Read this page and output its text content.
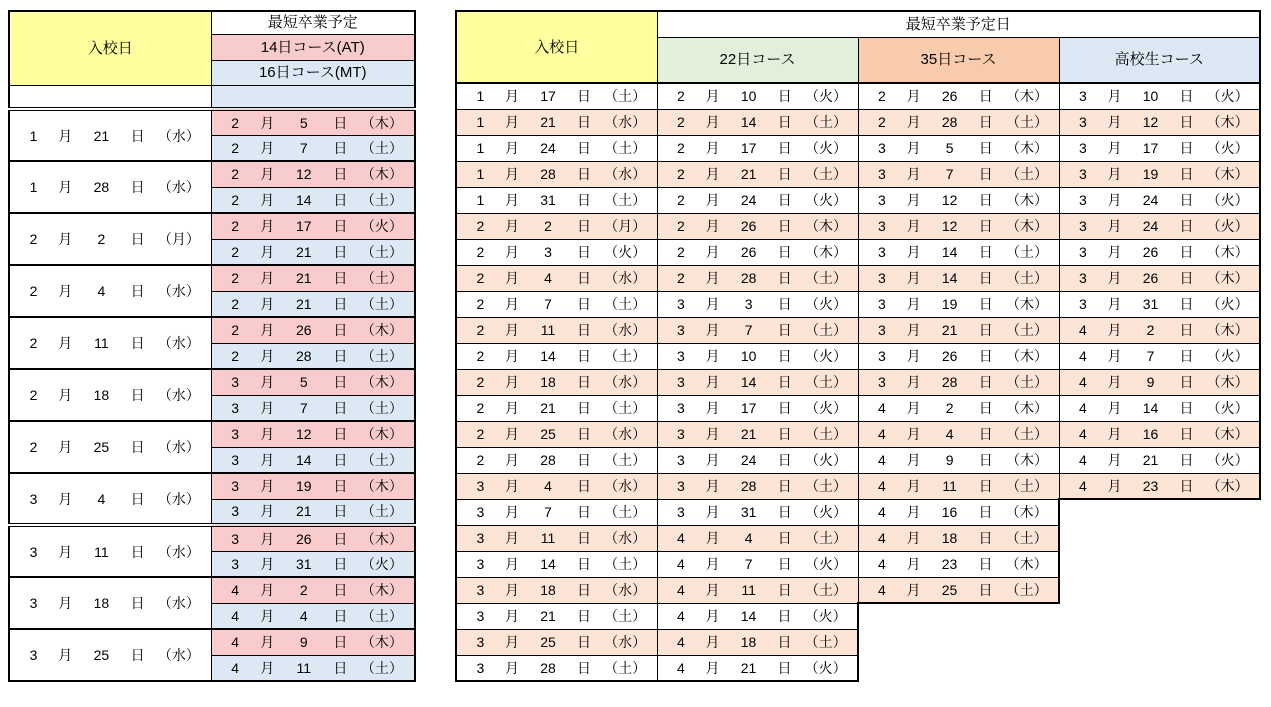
入校日	最短卒業予定
	14日コース(AT)
	16日コース(MT)

1 月 21 日 （水）	2 月 5 日 （木）

	2 月 7 日 （土）

1 月 28 日 （水）	2 月 12 日 （木）

	2 月 14 日 （土）

2 月 2 日 （月）	2 月 17 日 （火）

	2 月 21 日 （土）

2 月 4 日 （水）	2 月 21 日 （土）

	2 月 21 日 （土）

2 月 11 日 （水）	2 月 26 日 （木）

	2 月 28 日 （土）

2 月 18 日 （水）	3 月 5 日 （木）

	3 月 7 日 （土）

2 月 25 日 （水）	3 月 12 日 （木）

	3 月 14 日 （土）

3 月 4 日 （水）	3 月 19 日 （木）

	3 月 21 日 （土）

3 月 11 日 （水）	3 月 26 日 （木）

	3 月 31 日 （火）

3 月 18 日 （水）	4 月 2 日 （木）

	4 月 4 日 （土）

3 月 25 日 （水）	4 月 9 日 （木）

	4 月 11 日 （土）
入校日	最短卒業予定日		
	22日コース	35日コース	高校生コース

1 月 17 日 （土）	2 月 10 日 （火）	2 月 26 日 （木）	3 月 10 日 （火）

1 月 21 日 （水）	2 月 14 日 （土）	2 月 28 日 （土）	3 月 12 日 （木）

1 月 24 日 （土）	2 月 17 日 （火）	3 月 5 日 （木）	3 月 17 日 （火）

1 月 28 日 （水）	2 月 21 日 （土）	3 月 7 日 （土）	3 月 19 日 （木）

1 月 31 日 （土）	2 月 24 日 （火）	3 月 12 日 （木）	3 月 24 日 （火）

2 月 2 日 （月）	2 月 26 日 （木）	3 月 12 日 （木）	3 月 24 日 （火）

2 月 3 日 （火）	2 月 26 日 （木）	3 月 14 日 （土）	3 月 26 日 （木）

2 月 4 日 （水）	2 月 28 日 （土）	3 月 14 日 （土）	3 月 26 日 （木）

2 月 7 日 （土）	3 月 3 日 （火）	3 月 19 日 （木）	3 月 31 日 （火）

2 月 11 日 （水）	3 月 7 日 （土）	3 月 21 日 （土）	4 月 2 日 （木）

2 月 14 日 （土）	3 月 10 日 （火）	3 月 26 日 （木）	4 月 7 日 （火）

2 月 18 日 （水）	3 月 14 日 （土）	3 月 28 日 （土）	4 月 9 日 （木）

2 月 21 日 （土）	3 月 17 日 （火）	4 月 2 日 （木）	4 月 14 日 （火）

2 月 25 日 （水）	3 月 21 日 （土）	4 月 4 日 （土）	4 月 16 日 （木）

2 月 28 日 （土）	3 月 24 日 （火）	4 月 9 日 （木）	4 月 21 日 （火）

3 月 4 日 （水）	3 月 28 日 （土）	4 月 11 日 （土）	4 月 23 日 （木）

3 月 7 日 （土）	3 月 31 日 （火）	4 月 16 日 （木）	

3 月 11 日 （水）	4 月 4 日 （土）	4 月 18 日 （土）	

3 月 14 日 （土）	4 月 7 日 （火）	4 月 23 日 （木）	

3 月 18 日 （水）	4 月 11 日 （土）	4 月 25 日 （土）	

3 月 21 日 （土）	4 月 14 日 （火）		

3 月 25 日 （水）	4 月 18 日 （土）		

3 月 28 日 （土）	4 月 21 日 （火）		
